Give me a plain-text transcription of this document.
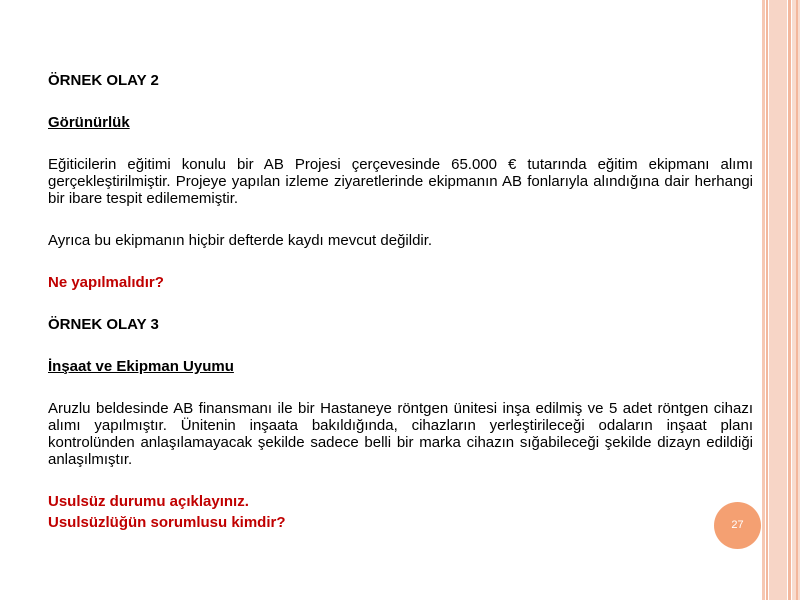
ÖRNEK OLAY 2

Görünürlük

Eğiticilerin eğitimi konulu bir AB Projesi çerçevesinde 65.000 € tutarında eğitim ekipmanı alımı gerçekleştirilmiştir. Projeye yapılan izleme ziyaretlerinde ekipmanın AB fonlarıyla alındığına dair herhangi bir ibare tespit edilememiştir.

Ayrıca bu ekipmanın hiçbir defterde kaydı mevcut değildir.

Ne yapılmalıdır?

ÖRNEK OLAY 3

İnşaat ve Ekipman Uyumu

Aruzlu beldesinde AB finansmanı ile bir Hastaneye röntgen ünitesi inşa edilmiş ve 5 adet röntgen cihazı alımı yapılmıştır. Ünitenin inşaata bakıldığında, cihazların yerleştirileceği odaların inşaat planı kontrolünden anlaşılamayacak şekilde sadece belli bir marka cihazın sığabileceği şekilde dizayn edildiği anlaşılmıştır.

Usulsüz durumu açıklayınız.

Usulsüzlüğün sorumlusu kimdir?	27
